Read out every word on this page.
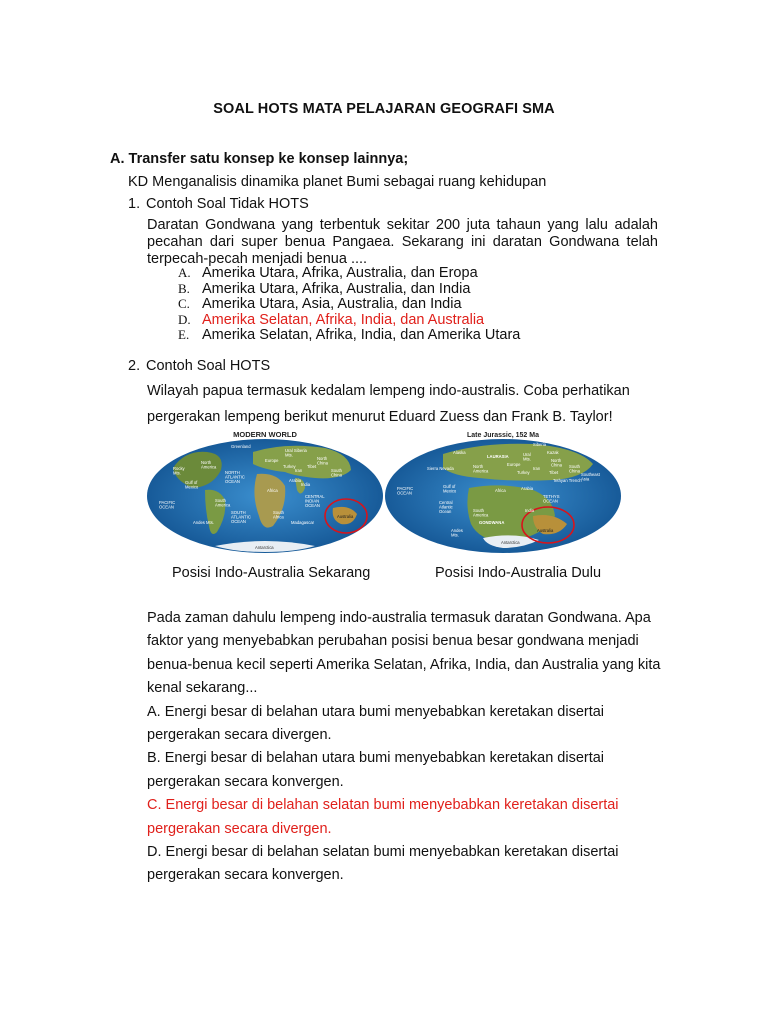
SOAL HOTS MATA PELAJARAN GEOGRAFI SMA
A. Transfer satu konsep ke konsep lainnya;
KD Menganalisis dinamika planet Bumi sebagai ruang kehidupan
1. Contoh Soal Tidak HOTS
Daratan Gondwana yang terbentuk sekitar 200 juta tahaun yang lalu adalah pecahan dari super benua Pangaea. Sekarang ini daratan Gondwana telah terpecah-pecah menjadi benua ....
A. Amerika Utara, Afrika, Australia, dan Eropa
B. Amerika Utara, Afrika, Australia, dan India
C. Amerika Utara, Asia, Australia, dan India
D. Amerika Selatan, Afrika, India, dan Australia
E. Amerika Selatan, Afrika, India, dan Amerika Utara
2. Contoh Soal HOTS
Wilayah papua termasuk kedalam lempeng indo-australis. Coba perhatikan
pergerakan lempeng berikut menurut Eduard Zuess dan Frank B. Taylor!
MODERN WORLD
Greenland
Ural Siberia Mts.
Europe
North America
Rocky Mts.
Gulf of Mexico
NORTH ATLANTIC OCEAN
Turkey
Iran
Tibet
North China
South China
Africa
Arabia
India
PACIFIC OCEAN
South America
Andes Mts.
SOUTH ATLANTIC OCEAN
South Africa
CENTRAL INDIAN OCEAN
Madagascar
Australia
Antarctica
Late Jurassic, 152 Ma
Siberia
Alaska	Ural Mts.
LAURASIA
Kazak
Sierra Nevada	North America
Europe
North China South China
Southeast Asia
Iran
Turkey	Tibet
Tethyan Trench
PACIFIC OCEAN
Gulf of Mexico
Central Atlantic Ocean
Africa	Arabia
TETHYS OCEAN
South America
GONDWANA
India
Andes Mts.
Antarctica
Australia
Posisi Indo-Australia Sekarang	Posisi Indo-Australia Dulu
Pada zaman dahulu lempeng indo-australia termasuk daratan Gondwana. Apa
faktor yang menyebabkan perubahan posisi benua besar gondwana menjadi
benua-benua kecil seperti Amerika Selatan, Afrika, India, dan Australia yang kita
kenal sekarang...
A. Energi besar di belahan utara bumi menyebabkan keretakan disertai
pergerakan secara divergen.
B. Energi besar di belahan utara bumi menyebabkan keretakan disertai
pergerakan secara konvergen.
C. Energi besar di belahan selatan bumi menyebabkan keretakan disertai
pergerakan secara divergen.
D. Energi besar di belahan selatan bumi menyebabkan keretakan disertai
pergerakan secara konvergen.
